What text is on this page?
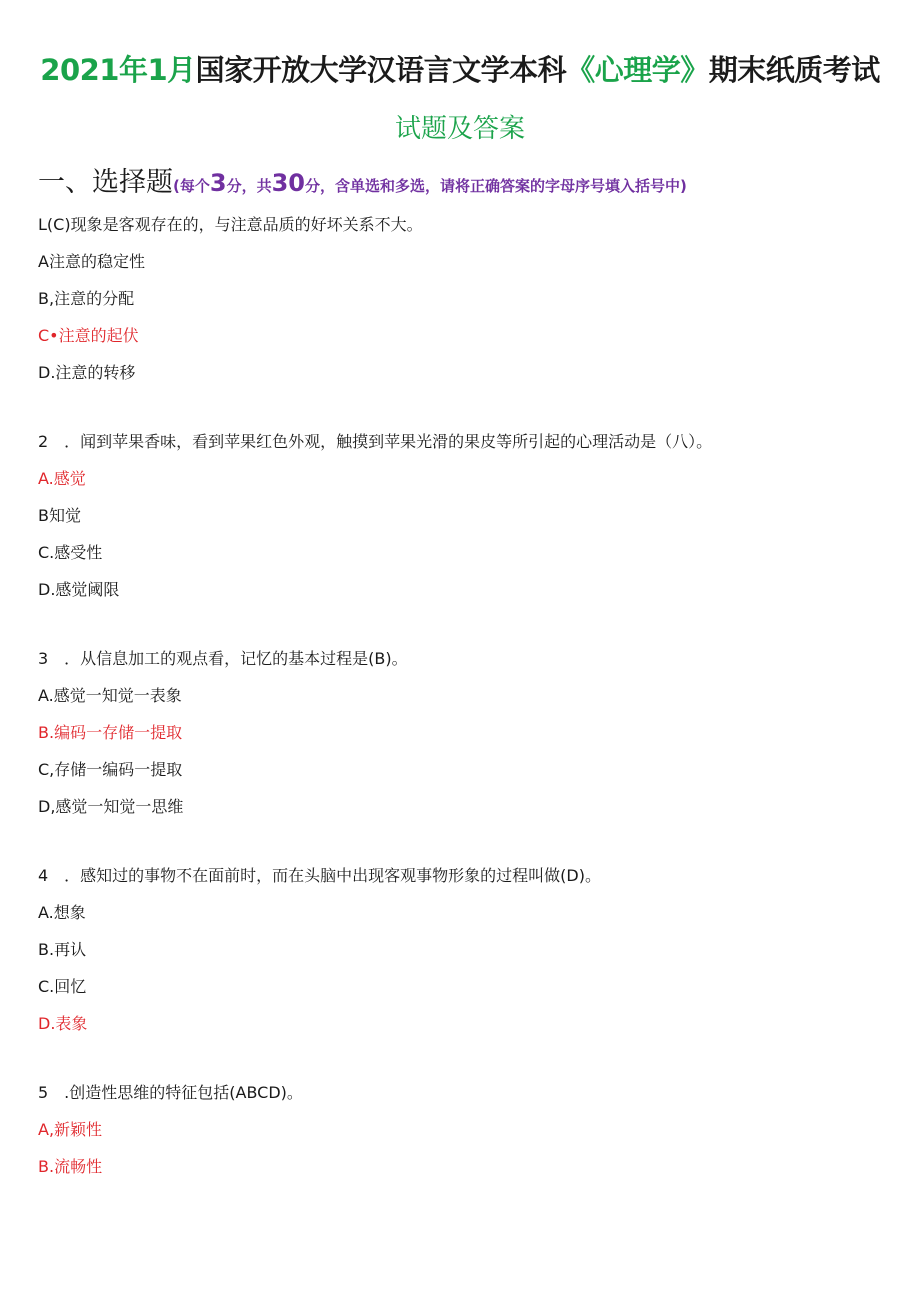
2021年1月国家开放大学汉语言文学本科《心理学》期末纸质考试
试题及答案
一、选择题(每个3分，共30分，含单选和多选，请将正确答案的字母序号填入括号中)
L(C)现象是客观存在的，与注意品质的好坏关系不大。
A注意的稳定性
B,注意的分配
C•注意的起伏
D.注意的转移
2　．闻到苹果香味，看到苹果红色外观，触摸到苹果光滑的果皮等所引起的心理活动是（八）。
A.感觉
B知觉
C.感受性
D.感觉阈限
3　．从信息加工的观点看，记忆的基本过程是(B)。
A.感觉一知觉一表象
B.编码一存储一提取
C,存储一编码一提取
D,感觉一知觉一思维
4　．感知过的事物不在面前时，而在头脑中出现客观事物形象的过程叫做(D)。
A.想象
B.再认
C.回忆
D.表象
5　.创造性思维的特征包括(ABCD)。
A,新颖性
B.流畅性
